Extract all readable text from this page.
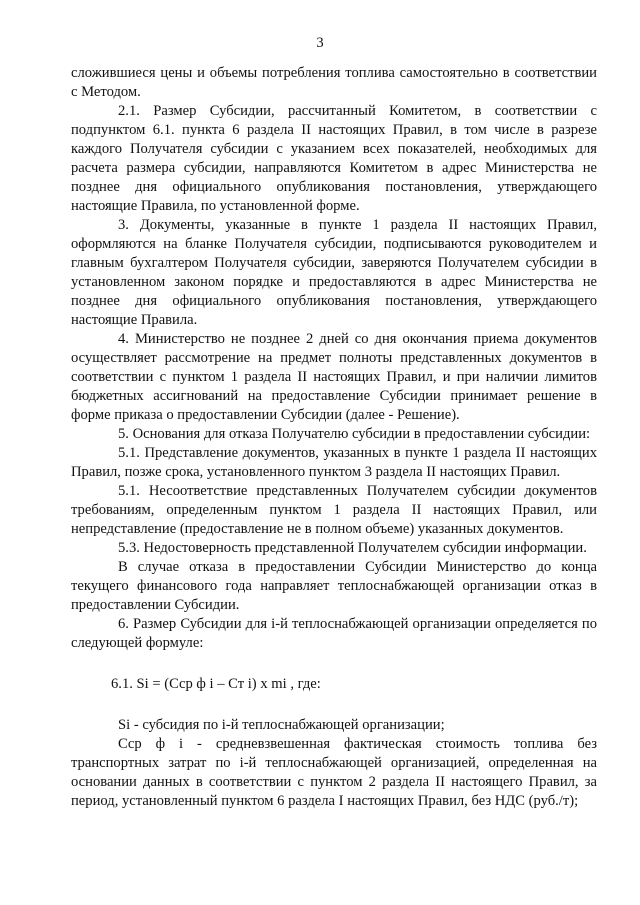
3

сложившиеся цены и объемы потребления топлива самостоятельно в соответствии с Методом.

2.1. Размер Субсидии, рассчитанный Комитетом, в соответствии с подпунктом 6.1. пункта 6 раздела II настоящих Правил, в том числе в разрезе каждого Получателя субсидии с указанием всех показателей, необходимых для расчета размера субсидии, направляются Комитетом в адрес Министерства не позднее дня официального опубликования постановления, утверждающего настоящие Правила, по установленной форме.

3. Документы, указанные в пункте 1 раздела II настоящих Правил, оформляются на бланке Получателя субсидии, подписываются руководителем и главным бухгалтером Получателя субсидии, заверяются Получателем субсидии в установленном законом порядке и предоставляются в адрес Министерства не позднее дня официального опубликования постановления, утверждающего настоящие Правила.

4. Министерство не позднее 2 дней со дня окончания приема документов осуществляет рассмотрение на предмет полноты представленных документов в соответствии с пунктом 1 раздела II настоящих Правил, и при наличии лимитов бюджетных ассигнований на предоставление Субсидии принимает решение в форме приказа о предоставлении Субсидии (далее - Решение).

5. Основания для отказа Получателю субсидии в предоставлении субсидии:

5.1. Представление документов, указанных в пункте 1 раздела II настоящих Правил, позже срока, установленного пунктом 3 раздела II настоящих Правил.

5.1. Несоответствие представленных Получателем субсидии документов требованиям, определенным пунктом 1 раздела II настоящих Правил, или непредставление (предоставление не в полном объеме) указанных документов.

5.3. Недостоверность представленной Получателем субсидии информации.

В случае отказа в предоставлении Субсидии Министерство до конца текущего финансового года направляет теплоснабжающей организации отказ в предоставлении Субсидии.

6. Размер Субсидии для i-й теплоснабжающей организации определяется по следующей формуле:

6.1. Si = (Сср ф i – Ст i) х mi , где:

Si - субсидия по i-й теплоснабжающей организации;

Сср ф i - средневзвешенная фактическая стоимость топлива без транспортных затрат по i-й теплоснабжающей организацией, определенная на основании данных в соответствии с пунктом 2 раздела II настоящего Правил, за период, установленный пунктом 6 раздела I настоящих Правил, без НДС (руб./т);
